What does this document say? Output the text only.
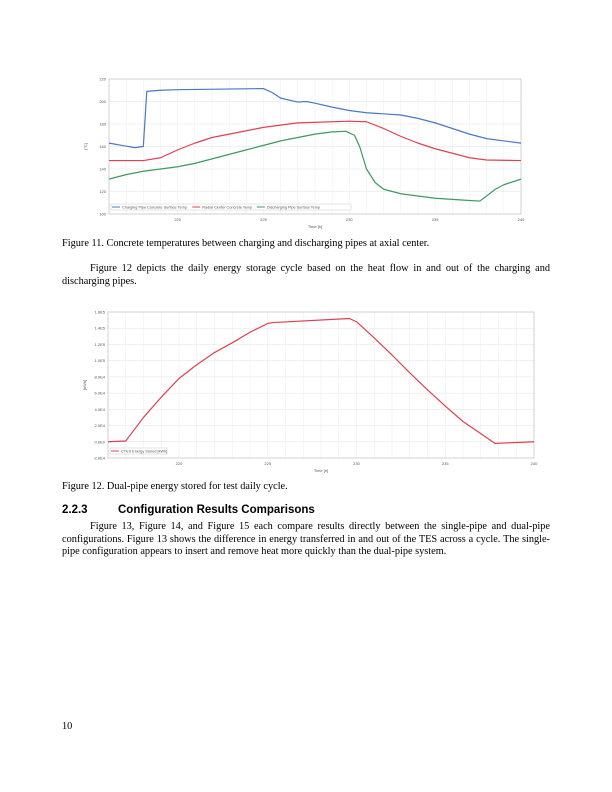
100
120
140
160
180
200
220
220	225	230	235	240
Time [h]
[°C]
Charging Pipe Concrete Surface Temp	Radial Center Concrete Temp	Discharging Pipe Surface Temp
Figure 11. Concrete temperatures between charging and discharging pipes at axial center.
Figure 12 depicts the daily energy storage cycle based on the heat flow in and out of the charging and discharging pipes.
-2.0E4
0.0E0
2.0E4
4.0E4
6.0E4
8.0E4
1.0E5
1.2E5
1.4E5
1.6E5
220	225	230	235	240
Time [h]
[kWh]
CTES Energy Stored [kWh]
Figure 12. Dual-pipe energy stored for test daily cycle.
2.2.3	Configuration Results Comparisons
Figure 13, Figure 14, and Figure 15 each compare results directly between the single-pipe and dual-pipe configurations. Figure 13 shows the difference in energy transferred in and out of the TES across a cycle. The single-pipe configuration appears to insert and remove heat more quickly than the dual-pipe system.
10
